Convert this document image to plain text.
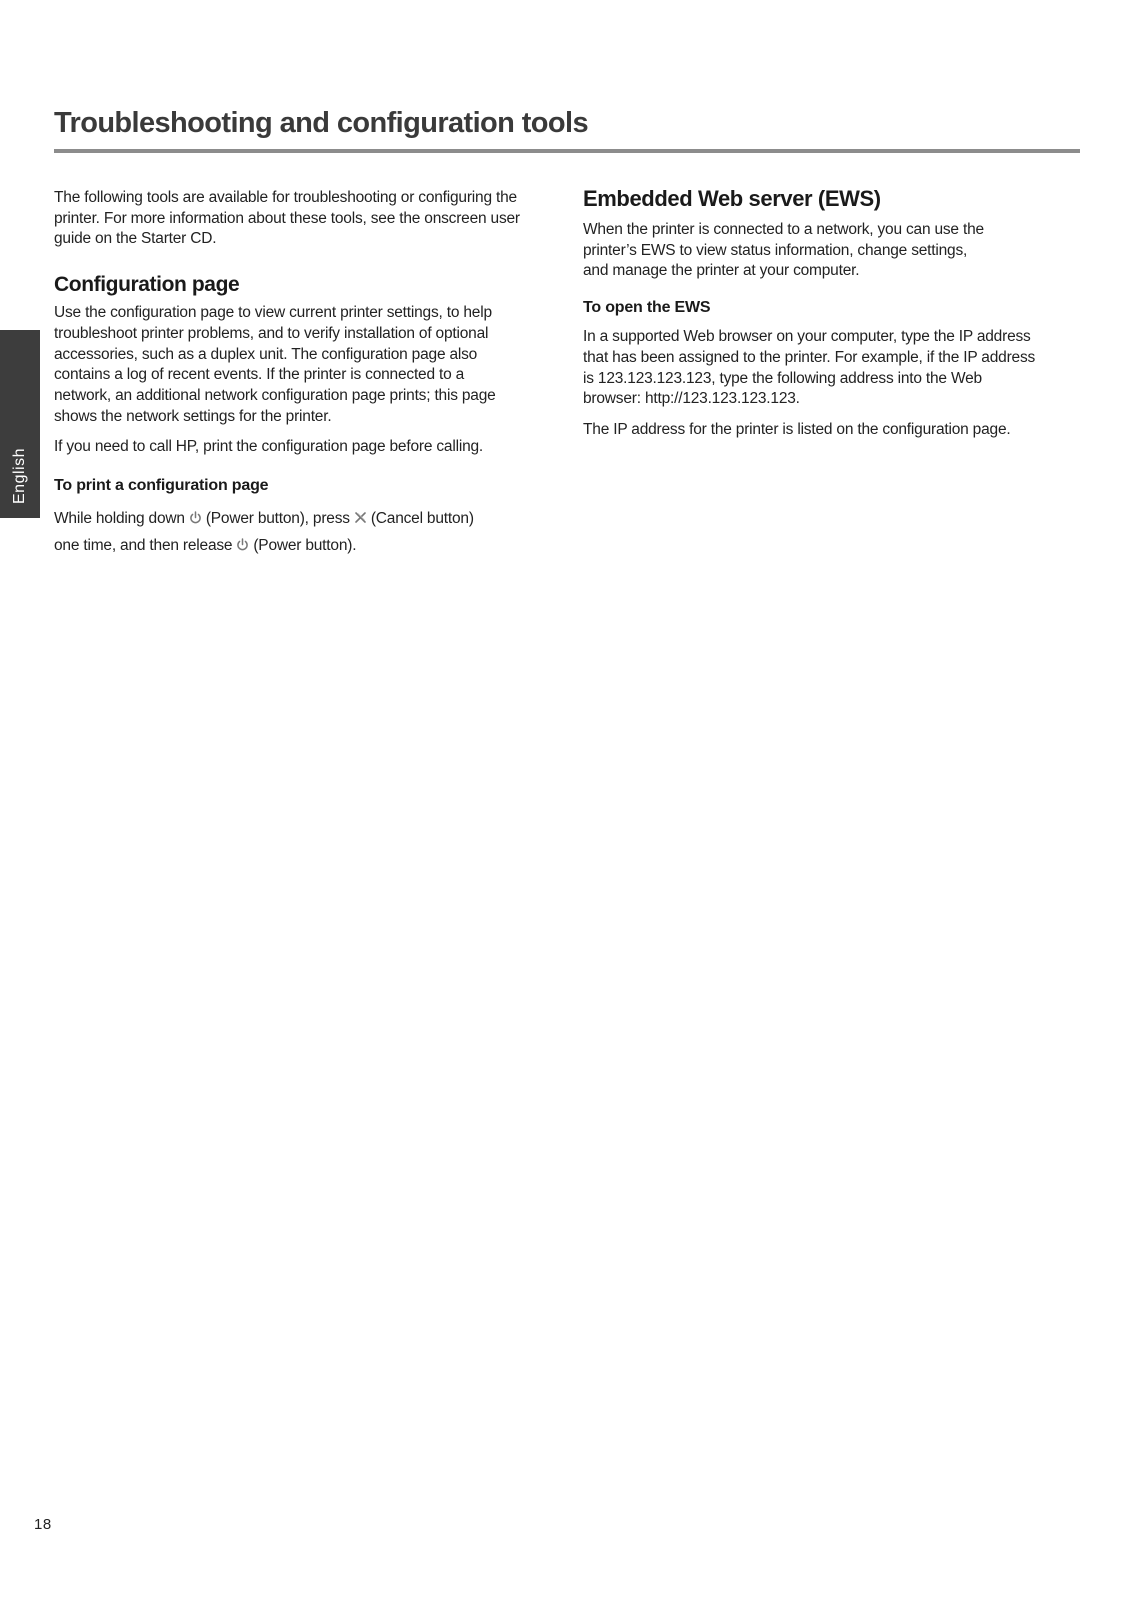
Troubleshooting and configuration tools
English

The following tools are available for troubleshooting or configuring the printer. For more information about these tools, see the onscreen user guide on the Starter CD.

Configuration page

Use the configuration page to view current printer settings, to help
troubleshoot printer problems, and to verify installation of optional
accessories, such as a duplex unit. The configuration page also
contains a log of recent events. If the printer is connected to a
network, an additional network configuration page prints; this page
shows the network settings for the printer.

If you need to call HP, print the configuration page before calling.

To print a configuration page

While holding down (Power button), press (Cancel button)
one time, and then release (Power button).

Embedded Web server (EWS)

When the printer is connected to a network, you can use the
printer’s EWS to view status information, change settings,
and manage the printer at your computer.

To open the EWS

In a supported Web browser on your computer, type the IP address
that has been assigned to the printer. For example, if the IP address
is 123.123.123.123, type the following address into the Web
browser: http://123.123.123.123.

The IP address for the printer is listed on the configuration page.

18
